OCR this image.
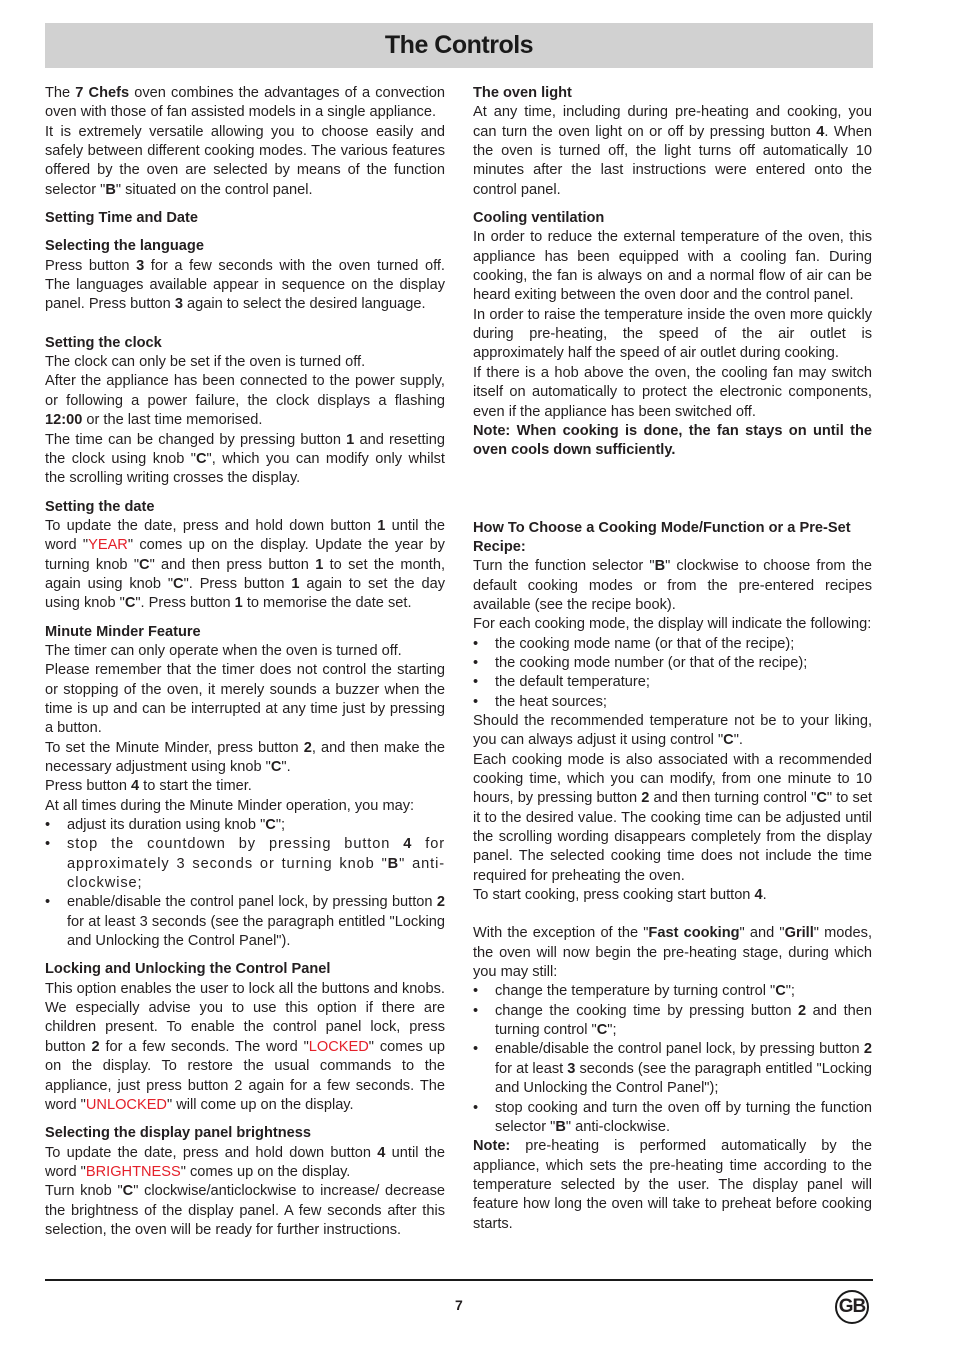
The Controls

The 7 Chefs oven combines the advantages of a convection oven with those of fan assisted models in a single appliance.

It is extremely versatile allowing you to choose easily and safely between different cooking modes. The various features offered by the oven are selected by means of the function selector "B" situated on the control panel.

Setting Time and Date

Selecting the language

Press button 3 for a few seconds with the oven turned off. The languages available appear in sequence on the display panel. Press button 3 again to select the desired language.

Setting the clock

The clock can only be set if the oven is turned off.

After the appliance has been connected to the power supply, or following a power failure, the clock displays a flashing 12:00 or the last time memorised.

The time can be changed by pressing button 1 and resetting the clock using knob "C", which you can modify only whilst the scrolling writing crosses the display.

Setting the date

To update the date, press and hold down button 1 until the word "YEAR" comes up on the display. Update the year by turning knob "C" and then press button 1 to set the month, again using knob "C". Press button 1 again to set the day using knob "C". Press button 1 to memorise the date set.

Minute Minder Feature

The timer can only operate when the oven is turned off.

Please remember that the timer does not control the starting or stopping of the oven, it merely sounds a buzzer when the time is up and can be interrupted at any time just by pressing a button.

To set the Minute Minder, press button 2, and then make the necessary adjustment using knob "C".

Press button 4 to start the timer.

At all times during the Minute Minder operation, you may:

• adjust its duration using knob "C";
• stop the countdown by pressing button 4 for approximately 3 seconds or turning knob "B" anti-clockwise;
• enable/disable the control panel lock, by pressing button 2 for at least 3 seconds (see the paragraph entitled "Locking and Unlocking the Control Panel").

Locking and Unlocking the Control Panel

This option enables the user to lock all the buttons and knobs. We especially advise you to use this option if there are children present. To enable the control panel lock, press button 2 for a few seconds. The word "LOCKED" comes up on the display. To restore the usual commands to the appliance, just press button 2 again for a few seconds. The word "UNLOCKED" will come up on the display.

Selecting the display panel brightness

To update the date, press and hold down button 4 until the word "BRIGHTNESS" comes up on the display.

Turn knob "C" clockwise/anticlockwise to increase/ decrease the brightness of the display panel. A few seconds after this selection, the oven will be ready for further instructions.

The oven light

At any time, including during pre-heating and cooking, you can turn the oven light on or off by pressing button 4. When the oven is turned off, the light turns off automatically 10 minutes after the last instructions were entered onto the control panel.

Cooling ventilation

In order to reduce the external temperature of the oven, this appliance has been equipped with a cooling fan. During cooking, the fan is always on and a normal flow of air can be heard exiting between the oven door and the control panel.

In order to raise the temperature inside the oven more quickly during pre-heating, the speed of the air outlet is approximately half the speed of air outlet during cooking.

If there is a hob above the oven, the cooling fan may switch itself on automatically to protect the electronic components, even if the appliance has been switched off.

Note: When cooking is done, the fan stays on until the oven cools down sufficiently.

How To Choose a Cooking Mode/Function or a Pre-Set Recipe:

Turn the function selector "B" clockwise to choose from the default cooking modes or from the pre-entered recipes available (see the recipe book).

For each cooking mode, the display will indicate the following:

• the cooking mode name (or that of the recipe);
• the cooking mode number (or that of the recipe);
• the default temperature;
• the heat sources;

Should the recommended temperature not be to your liking, you can always adjust it using control "C".

Each cooking mode is also associated with a recommended cooking time, which you can modify, from one minute to 10 hours, by pressing button 2 and then turning control "C" to set it to the desired value. The cooking time can be adjusted until the scrolling wording disappears completely from the display panel. The selected cooking time does not include the time required for preheating the oven.

To start cooking, press cooking start button 4.

With the exception of the "Fast cooking" and "Grill" modes, the oven will now begin the pre-heating stage, during which you may still:

• change the temperature by turning control "C";
• change the cooking time by pressing button 2 and then turning control "C";
• enable/disable the control panel lock, by pressing button 2 for at least 3 seconds (see the paragraph entitled "Locking and Unlocking the Control Panel");
• stop cooking and turn the oven off by turning the function selector "B" anti-clockwise.

Note: pre-heating is performed automatically by the appliance, which sets the pre-heating time according to the temperature selected by the user. The display panel will feature how long the oven will take to preheat before cooking starts.

7	GB
